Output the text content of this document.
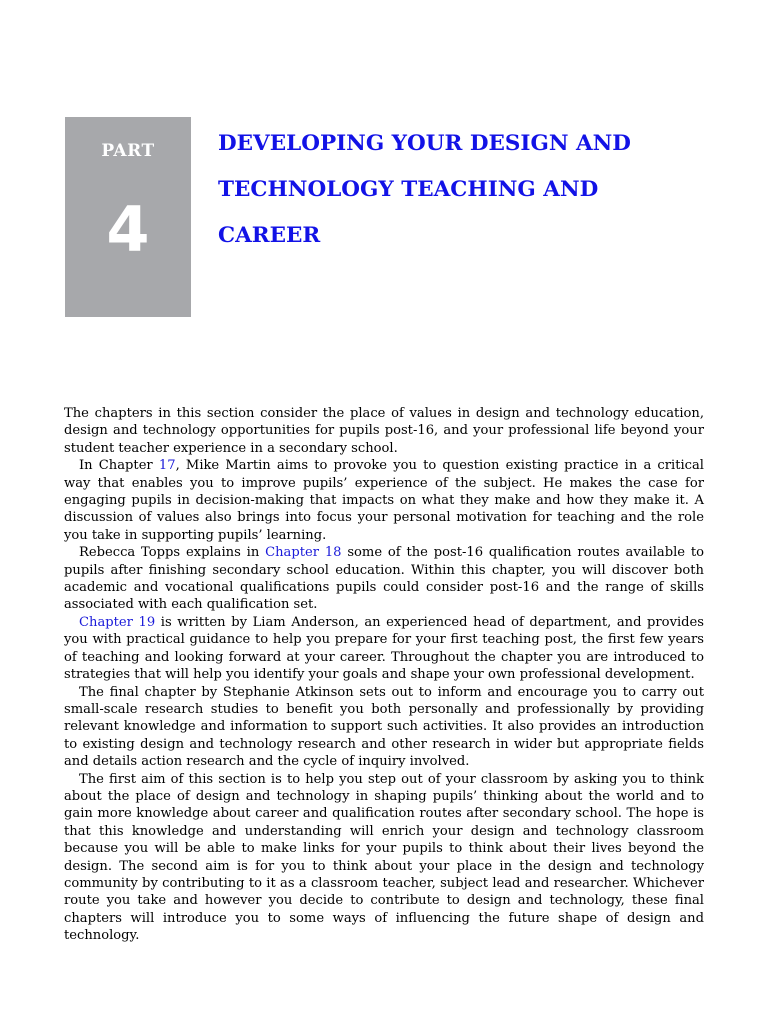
PART
4
DEVELOPING YOUR DESIGN AND
TECHNOLOGY TEACHING AND
CAREER

The chapters in this section consider the place of values in design and technology education, design and technology opportunities for pupils post-16, and your professional life beyond your student teacher experience in a secondary school.

In Chapter 17, Mike Martin aims to provoke you to question existing practice in a critical way that enables you to improve pupils’ experience of the subject. He makes the case for engaging pupils in decision-making that impacts on what they make and how they make it. A discussion of values also brings into focus your personal motivation for teaching and the role you take in supporting pupils’ learning.

Rebecca Topps explains in Chapter 18 some of the post-16 qualification routes available to pupils after finishing secondary school education. Within this chapter, you will discover both academic and vocational qualifications pupils could consider post-16 and the range of skills associated with each qualification set.

Chapter 19 is written by Liam Anderson, an experienced head of department, and provides you with practical guidance to help you prepare for your first teaching post, the first few years of teaching and looking forward at your career. Throughout the chapter you are introduced to strategies that will help you identify your goals and shape your own professional development.

The final chapter by Stephanie Atkinson sets out to inform and encourage you to carry out small-scale research studies to benefit you both personally and professionally by providing relevant knowledge and information to support such activities. It also provides an introduction to existing design and technology research and other research in wider but appropriate fields and details action research and the cycle of inquiry involved.

The first aim of this section is to help you step out of your classroom by asking you to think about the place of design and technology in shaping pupils’ thinking about the world and to gain more knowledge about career and qualification routes after secondary school. The hope is that this knowledge and understanding will enrich your design and technology classroom because you will be able to make links for your pupils to think about their lives beyond the design. The second aim is for you to think about your place in the design and technology community by contributing to it as a classroom teacher, subject lead and researcher. Whichever route you take and however you decide to contribute to design and technology, these final chapters will introduce you to some ways of influencing the future shape of design and technology.
